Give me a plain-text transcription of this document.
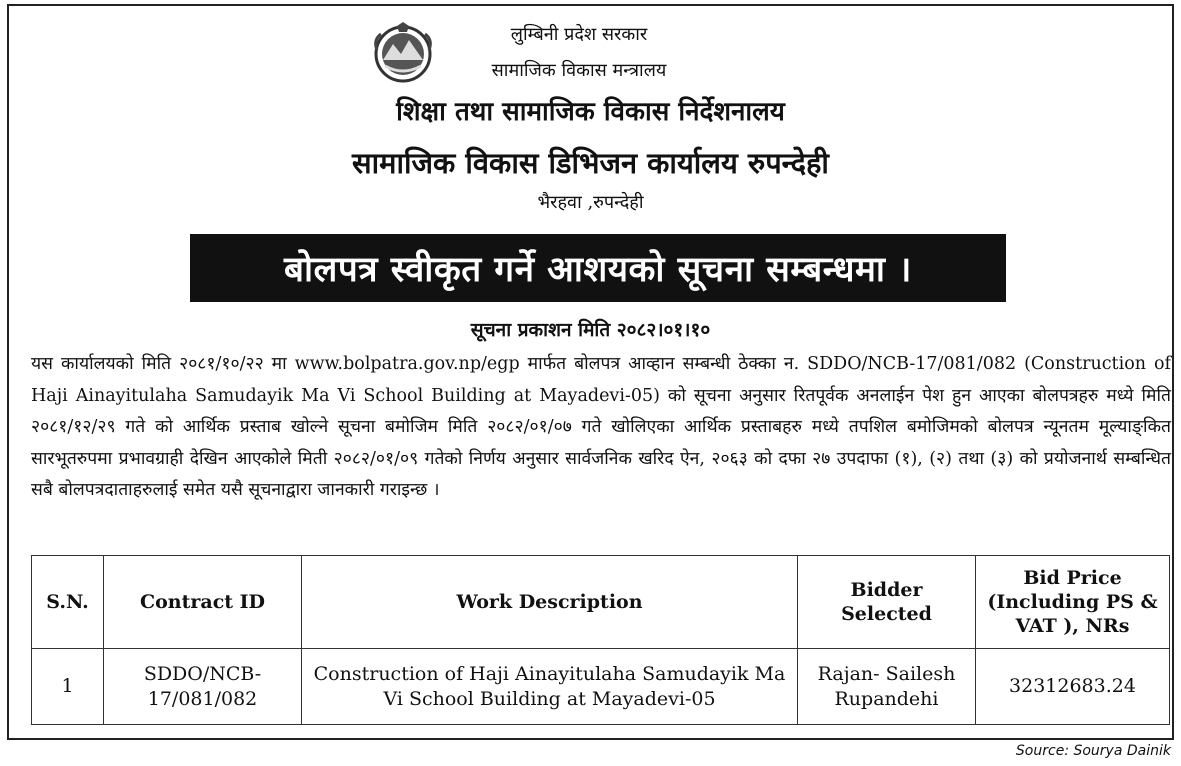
लुम्बिनी प्रदेश सरकार
सामाजिक विकास मन्त्रालय
शिक्षा तथा सामाजिक विकास निर्देशनालय
सामाजिक विकास डिभिजन कार्यालय रुपन्देही
भैरहवा ,रुपन्देही
बोलपत्र स्वीकृत गर्ने आशयको सूचना सम्बन्धमा ।
सूचना प्रकाशन मिति २०८२।०१।१०
यस कार्यालयको मिति २०८१/१०/२२ मा www.bolpatra.gov.np/egp मार्फत बोलपत्र आव्हान सम्बन्धी ठेक्का न. SDDO/NCB-17/081/082 (Construction of Haji Ainayitulaha Samudayik Ma Vi School Building at Mayadevi-05) को सूचना अनुसार रितपूर्वक अनलाईन पेश हुन आएका बोलपत्रहरु मध्ये मिति २०८१/१२/२९ गते को आर्थिक प्रस्ताब खोल्ने सूचना बमोजिम मिति २०८२/०१/०७ गते खोलिएका आर्थिक प्रस्ताबहरु मध्ये तपशिल बमोजिमको बोलपत्र न्यूनतम मूल्याङ्‌कित सारभूतरुपमा प्रभावग्राही देखिन आएकोले मिती २०८२/०१/०९ गतेको निर्णय अनुसार सार्वजनिक खरिद ऐन, २०६३ को दफा २७ उपदाफा (१), (२) तथा (३) को प्रयोजनार्थ सम्बन्धित सबै बोलपत्रदाताहरुलाई समेत यसै सूचनाद्वारा जानकारी गराइन्छ ।
S.N.	Contract ID	Work Description	Bidder Selected	Bid Price (Including PS & VAT ), NRs
1	SDDO/NCB-17/081/082	Construction of Haji Ainayitulaha Samudayik Ma Vi School Building at Mayadevi-05	Rajan- Sailesh Rupandehi	32312683.24
Source: Sourya Dainik
